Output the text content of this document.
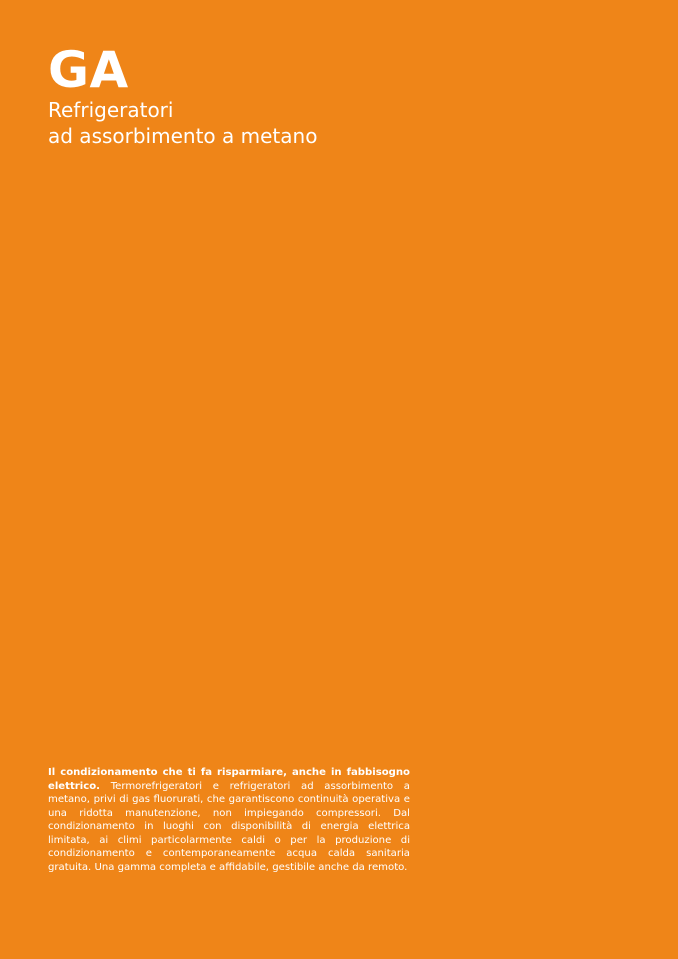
GA
Refrigeratori
ad assorbimento a metano
Il condizionamento che ti fa risparmiare, anche in fabbisogno elettrico. Termorefrigeratori e refrigeratori ad assorbimento a metano, privi di gas fluorurati, che garantiscono continuità operativa e una ridotta manutenzione, non impiegando compressori. Dal condizionamento in luoghi con disponibilità di energia elettrica limitata, ai climi particolarmente caldi o per la produzione di condizionamento e contemporaneamente acqua calda sanitaria gratuita. Una gamma completa e affidabile, gestibile anche da remoto.
